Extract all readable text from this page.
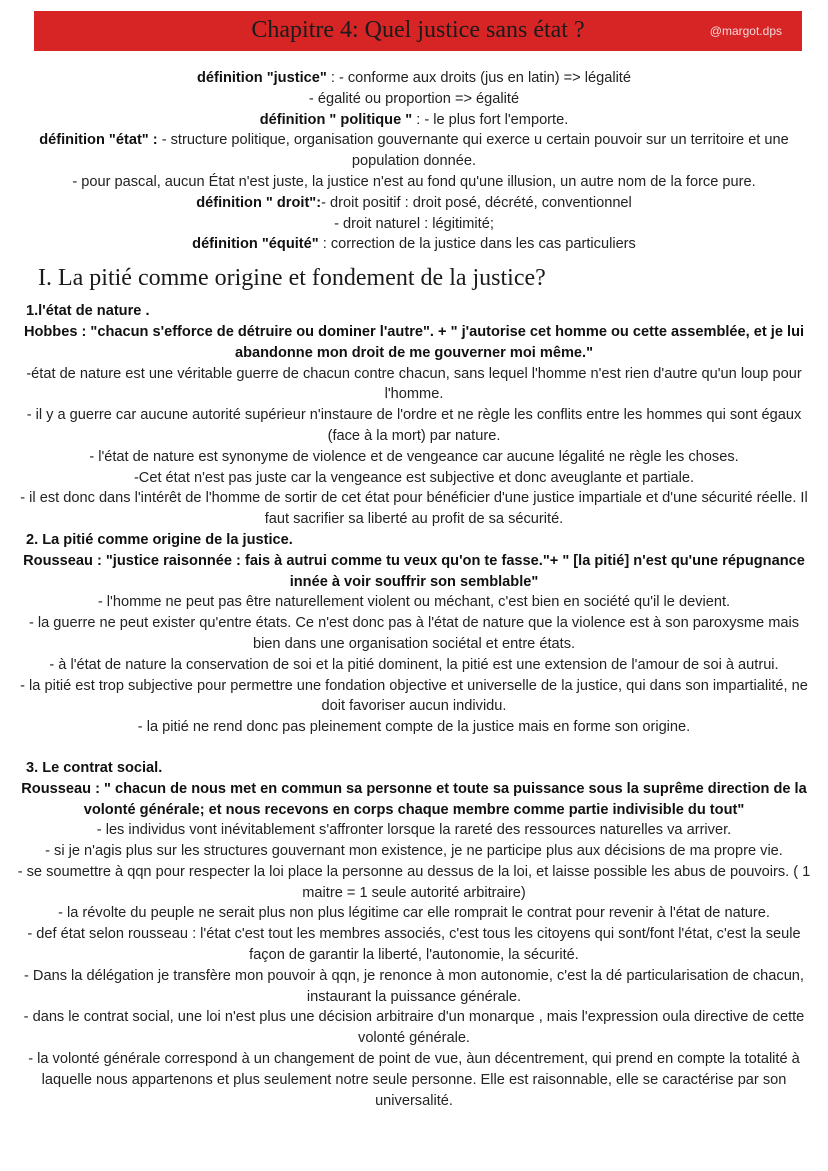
Chapitre 4: Quel justice sans état ?	@margot.dps

définition "justice" : - conforme aux droits (jus en latin) => légalité

- égalité ou proportion => égalité

définition " politique " : - le plus fort l'emporte.

définition "état" : - structure politique, organisation gouvernante qui exerce u certain pouvoir sur un territoire et une population donnée.

- pour pascal, aucun État n'est juste, la justice n'est au fond qu'une illusion, un autre nom de la force pure.

définition " droit":- droit positif : droit posé, décrété, conventionnel

- droit naturel : légitimité;

définition "équité" : correction de la justice dans les cas particuliers

I. La pitié comme origine et fondement de la justice?

1.l'état de nature .

Hobbes : "chacun s'efforce de détruire ou dominer l'autre". + " j'autorise cet homme ou cette assemblée, et je lui abandonne mon droit de me gouverner moi même."

-état de nature est une véritable guerre de chacun contre chacun, sans lequel l'homme n'est rien d'autre qu'un loup pour l'homme.

- il y a guerre car aucune autorité supérieur n'instaure de l'ordre et ne règle les conflits entre les hommes qui sont égaux (face à la mort) par nature.

- l'état de nature est synonyme de violence et de vengeance car aucune légalité ne règle les choses.

-Cet état n'est pas juste car la vengeance est subjective et donc aveuglante et partiale.

- il est donc dans l'intérêt de l'homme de sortir de cet état pour bénéficier d'une justice impartiale et d'une sécurité réelle. Il faut sacrifier sa liberté au profit de sa sécurité.

2. La pitié comme origine de la justice.

Rousseau : "justice raisonnée : fais à autrui comme tu veux qu'on te fasse."+ " [la pitié] n'est qu'une répugnance innée à voir souffrir son semblable"

- l'homme ne peut pas être naturellement violent ou méchant, c'est bien en société qu'il le devient.

- la guerre ne peut exister qu'entre états. Ce n'est donc pas à l'état de nature que la violence est à son paroxysme mais bien dans une organisation sociétal et entre états.

- à l'état de nature la conservation de soi et la pitié dominent, la pitié est une extension de l'amour de soi à autrui.

- la pitié est trop subjective pour permettre une fondation objective et universelle de la justice, qui dans son impartialité, ne doit favoriser aucun individu.

- la pitié ne rend donc pas pleinement compte de la justice mais en forme son origine.

3. Le contrat social.

Rousseau : " chacun de nous met en commun sa personne et toute sa puissance sous la suprême direction de la volonté générale; et nous recevons en corps chaque membre comme partie indivisible du tout"

- les individus vont inévitablement s'affronter lorsque la rareté des ressources naturelles va arriver.

- si je n'agis plus sur les structures gouvernant mon existence, je ne participe plus aux décisions de ma propre vie.

- se soumettre à qqn pour respecter la loi place la personne au dessus de la loi, et laisse possible les abus de pouvoirs. ( 1 maitre = 1 seule autorité arbitraire)

- la révolte du peuple ne serait plus non plus légitime car elle romprait le contrat pour revenir à l'état de nature.

- def état selon rousseau : l'état c'est tout les membres associés, c'est tous les citoyens qui sont/font l'état, c'est la seule façon de garantir la liberté, l'autonomie, la sécurité.

- Dans la délégation je transfère mon pouvoir à qqn, je renonce à mon autonomie, c'est la dé particularisation de chacun, instaurant la puissance générale.

- dans le contrat social, une loi n'est plus une décision arbitraire d'un monarque , mais l'expression oula directive de cette volonté générale.

- la volonté générale correspond à un changement de point de vue, àun décentrement, qui prend en compte la totalité à laquelle nous appartenons et plus seulement notre seule personne. Elle est raisonnable, elle se caractérise par son universalité.
